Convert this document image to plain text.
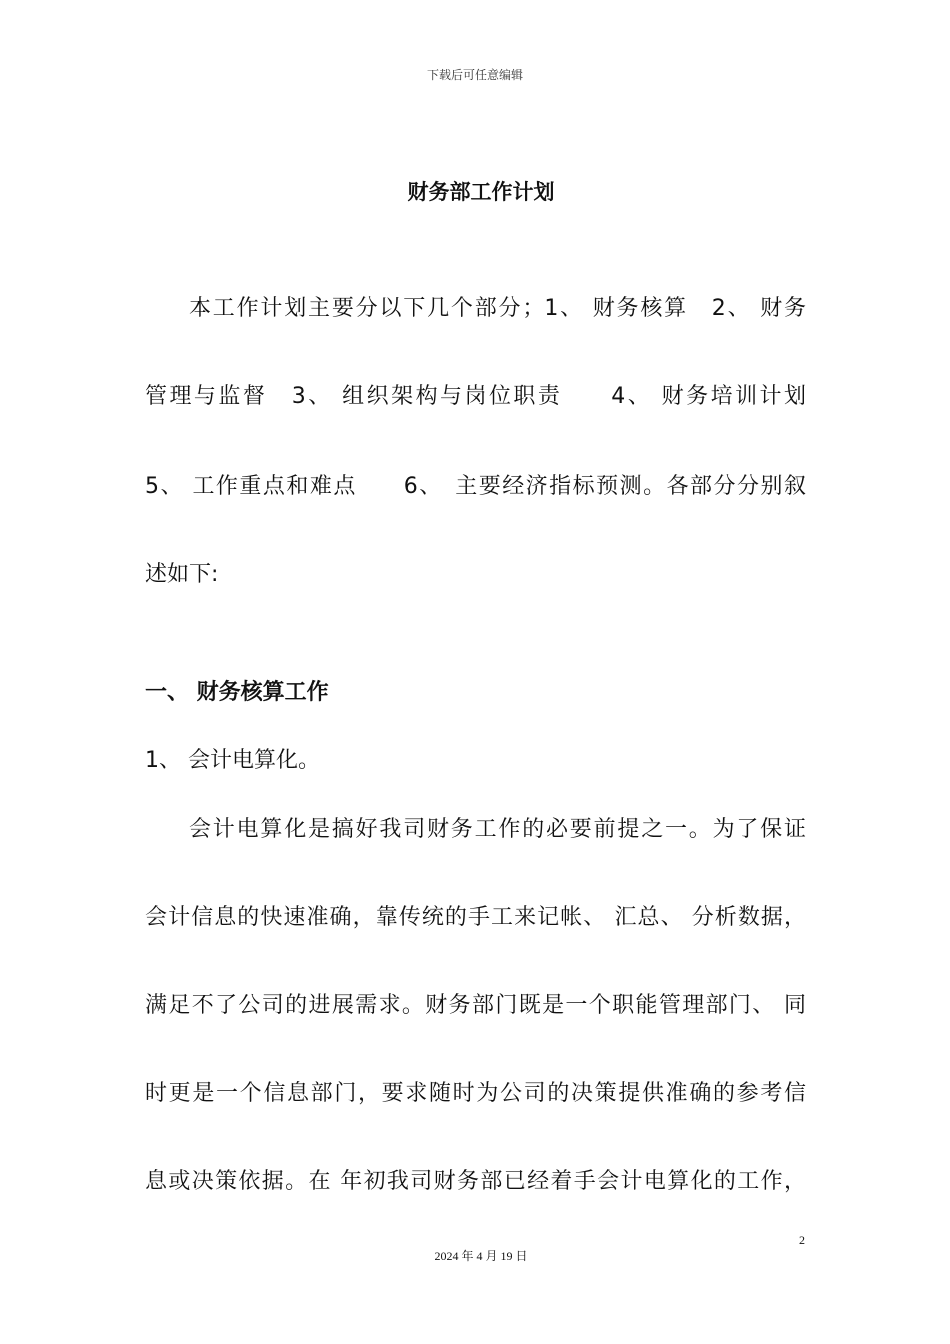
下载后可任意编辑
财务部工作计划
本工作计划主要分以下几个部分；1、 财务核算　2、 财务
管理与监督　3、 组织架构与岗位职责　　4、 财务培训计划
5、 工作重点和难点　　6、　主要经济指标预测。各部分分别叙
述如下:
一、 财务核算工作
1、 会计电算化。
会计电算化是搞好我司财务工作的必要前提之一。为了保证
会计信息的快速准确，靠传统的手工来记帐、 汇总、 分析数据，
满足不了公司的进展需求。财务部门既是一个职能管理部门、 同
时更是一个信息部门，要求随时为公司的决策提供准确的参考信
息或决策依据。在 年初我司财务部已经着手会计电算化的工作，
2
2024 年 4 月 19 日
